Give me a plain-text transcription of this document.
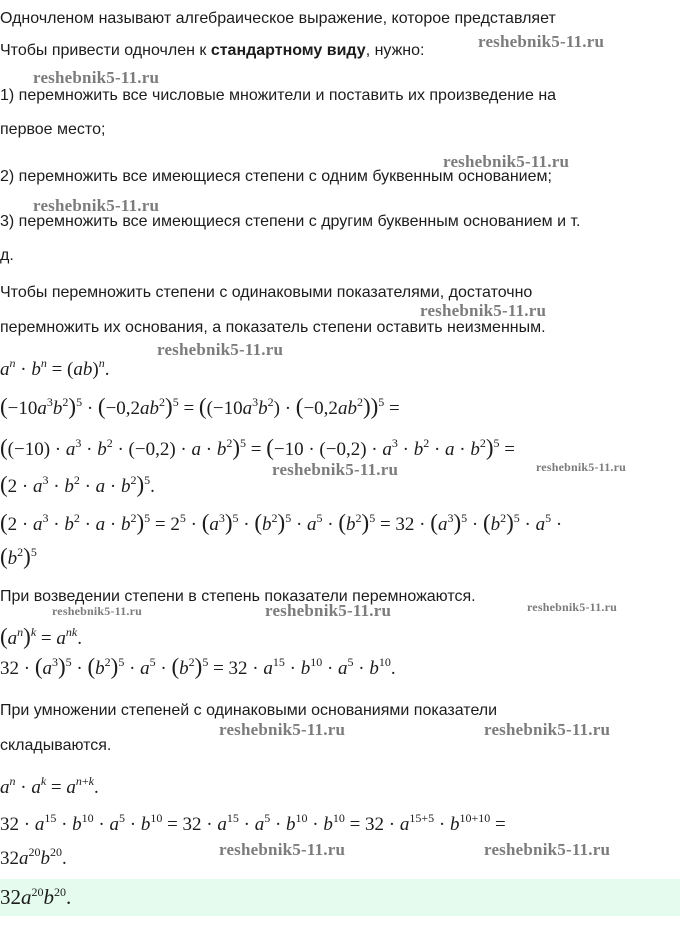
Одночленом называют алгебраическое выражение, которое представляет
Чтобы привести одночлен к стандартному виду, нужно:
1) перемножить все числовые множители и поставить их произведение на
первое место;
2) перемножить все имеющиеся степени с одним буквенным основанием;
3) перемножить все имеющиеся степени с другим буквенным основанием и т.
д.
Чтобы перемножить степени с одинаковыми показателями, достаточно
перемножить их основания, а показатель степени оставить неизменным.
$a^n \cdot b^n = (ab)^n$.
$(-10a^3b^2)^5 \cdot (-0,2ab^2)^5 = ((-10a^3b^2) \cdot (-0,2ab^2))^5$ =
$((-10) \cdot a^3 \cdot b^2 \cdot (-0,2) \cdot a \cdot b^2)^5 = (-10 \cdot (-0,2) \cdot a^3 \cdot b^2 \cdot a \cdot b^2)^5$ =
$(2 \cdot a^3 \cdot b^2 \cdot a \cdot b^2)^5$.
$(2 \cdot a^3 \cdot b^2 \cdot a \cdot b^2)^5 = 2^5 \cdot (a^3)^5 \cdot (b^2)^5 \cdot a^5 \cdot (b^2)^5 = 32 \cdot (a^3)^5 \cdot (b^2)^5 \cdot a^5$ ·
$(b^2)^5$
При возведении степени в степень показатели перемножаются.
$(a^n)^k = a^{nk}$.
$32 \cdot (a^3)^5 \cdot (b^2)^5 \cdot a^5 \cdot (b^2)^5 = 32 \cdot a^{15} \cdot b^{10} \cdot a^5 \cdot b^{10}$.
При умножении степеней с одинаковыми основаниями показатели
складываются.
$a^n \cdot a^k = a^{n+k}$.
$32 \cdot a^{15} \cdot b^{10} \cdot a^5 \cdot b^{10} = 32 \cdot a^{15} \cdot a^5 \cdot b^{10} \cdot b^{10} = 32 \cdot a^{15+5} \cdot b^{10+10}$ =
$32a^{20}b^{20}$.
$32a^{20}b^{20}$.
reshebnik5-11.ru
reshebnik5-11.ru
reshebnik5-11.ru
reshebnik5-11.ru
reshebnik5-11.ru
reshebnik5-11.ru
reshebnik5-11.ru	reshebnik5-11.ru
reshebnik5-11.ru
reshebnik5-11.ru	reshebnik5-11.ru
reshebnik5-11.ru	reshebnik5-11.ru
reshebnik5-11.ru	reshebnik5-11.ru
